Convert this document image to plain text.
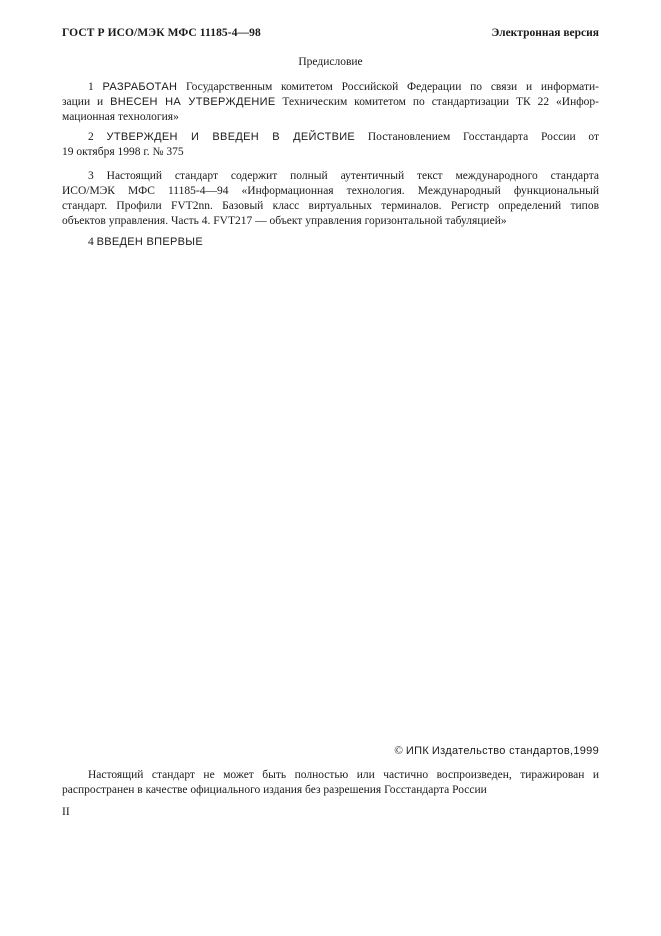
ГОСТ Р ИСО/МЭК МФС 11185-4—98	Электронная версия
Предисловие
1 РАЗРАБОТАН Государственным комитетом Российской Федерации по связи и информати-
зации и ВНЕСЕН НА УТВЕРЖДЕНИЕ Техническим комитетом по стандартизации ТК 22 «Инфор-
мационная технология»
2 УТВЕРЖДЕН И ВВЕДЕН В ДЕЙСТВИЕ Постановлением Госстандарта России от
19 октября 1998 г. № 375
3 Настоящий стандарт содержит полный аутентичный текст международного стандарта
ИСО/МЭК МФС 11185-4—94 «Информационная технология. Международный функциональный
стандарт. Профили FVT2nn. Базовый класс виртуальных терминалов. Регистр определений типов
объектов управления. Часть 4. FVT217 — объект управления горизонтальной табуляцией»
4 ВВЕДЕН ВПЕРВЫЕ
© ИПК Издательство стандартов,1999
Настоящий стандарт не может быть полностью или частично воспроизведен, тиражирован и
распространен в качестве официального издания без разрешения Госстандарта России
II
